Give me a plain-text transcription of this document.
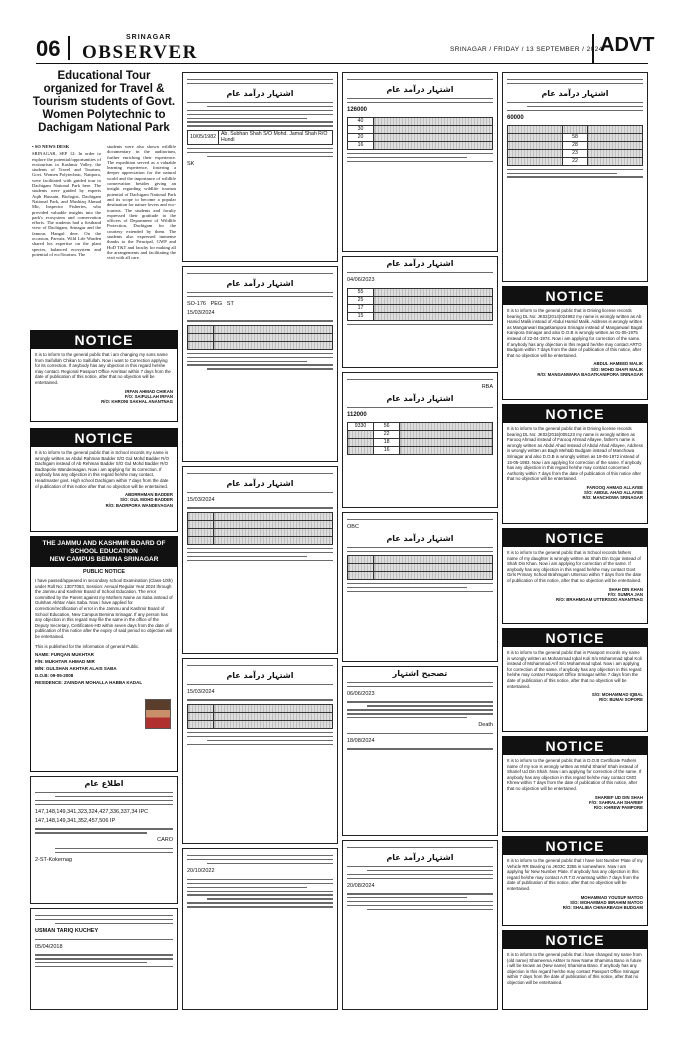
06	SRINAGAR
OBSERVER	SRINAGAR / FRIDAY / 13 SEPTEMBER / 2024
ADVT
Educational Tour organized for Travel & Tourism students of Govt. Women Polytechnic to Dachigam National Park
• SO NEWS DESK
SRINAGAR, SEP 12: In order to explore the potential/opportunities of ecotourism in Kashmir Valley, the students of Travel and Tourism, Govt. Women Polytechnic, Natipora, were facilitated with guided tour to Dachigam National Park here. The students were guided by experts Aqib Hussain, Biologist, Dachigam National Park, and Mushtaq Ahmad Mir, Inspector Fisheries, who provided valuable insights into the park's ecosystem and conservation efforts. The students had a firsthand view of Dachigam, Srinagar and the famous Hangul deer. On the occasion, Parvaiz, Wild Life Warden shared his expertise on the plant species, balanced ecosystem and potential of ecoTourism. The
students were also shown wildlife documentary in the auditorium, further enriching their experience. The expedition served as a valuable learning experience, fostering a deeper appreciation for the natural world and the importance of wildlife conservation besides giving an insight regarding wildlife tourism potential of Dachigam National Park and its scope to become a popular destination for nature lovers and eco-tourists. The students and faculty expressed their gratitude to the officers of Department of Wildlife Protection, Dachigam for the courtesy extended by them. The students also expressed immense thanks to the Principal, GWP and HoD T&T and faculty for making all the arrangements and facilitating the visit with all care.
NOTICE
It is to inform to the general public that i am changing my sons name from Saifullah Chikan to Saifullah. Now i want to Correction applying for its correction. If anybody has any objection in this regard he/she may contact. Regional Passport Office Amritsar within 7 days from the date of publication of this notice, after that no objection will be entertained.
IRFAN AHMAD CHIKAN
F/O: SAIFULLAH IRFAN
R/O: KHRONI SAKHAL ANANTNAG
NOTICE
It is to inform to the general public that in School records my name is wrongly written as Abdul Rahman Badder S/O Gul Mohd Badder R/O Dachigam instead of Ab Rehman Badder S/O Gul Mohd Badder R/O Badraporie Wanderwagan. Now i am applying for its correction. If anybody has any objection in this regard he/she may contact, Headmaster govt. High school Dachigam within 7 days from the date of publication of this notice after that no objection will be entertained.
ABDRRHMAN BADDER
S/O: GUL MOHD BADDER
R/O: BADRPORA WANDEVAGAN
THE JAMMU AND KASHMIR BOARD OF SCHOOL EDUCATION
NEW CAMPUS BEMINA SRINAGAR
PUBLIC NOTICE
I have passed/appeared in secondary school Examination (Class-10th) under Roll No: 13077063, Session: Annual Regular Year 2024 through the Jammu and Kashmir Board of School Education. The error committed by the Parent against my Mothers Name as Saba instead of Gulshan Akhtar Alais Saba. Now i have applied for correction/rectification of error in the Jammu and Kashmir Board of School Education, New Campus Bemina Srinagar. If any person has any objection in this regard may file the same in the office of the Deputy Secretary, Certificates-HD within seven days from the date of publication of this notice after the expiry of said period no objection will be entertained.
This is published for the information of general Public.
NAME: FURQAN MUKHTAR
F/N: MUKHTAR AHMAD MIR
M/N: GULSHAN AKHTAR ALAIS SABA
D.O.B: 09-05-2008
RESIDENCE: ZAINDAR MOHALLA HABBA KADAL
اطلاع عام
147,148,149,341,323,324,427,336,337,34 IPC
147,148,149,341,352,457,506 IP
CARO
2-ST-Kokernag
USMAN TARIQ KUCHEY
05/04/2018
اشتہار درآمد عام
10/05/1982	Ab. Subhan Shah S/O Mohd. Jamal Shah R/O Hundi
SK
اشتہار درآمد عام
SO-176 PEG ST
15/03/2024

اشتہار درآمد عام
15/03/2024

اشتہار درآمد عام
15/03/2024

20/10/2022
اشتہار درآمد عام
126000
40	
30	
20	
16	
اشتہار درآمد عام
04/06/2023
55	
25	
17	
15	
RBA
اشتہار درآمد عام
112000
9330	56	
	22	
	18	
	16	
OBC
اشتہار درآمد عام

تصحیح اشتہار
06/06/2023
Death
18/08/2024
اشتہار درآمد عام
20/08/2024
اشتہار درآمد عام
60000

	58	
	28	
	23	
	22	
NOTICE
It is to inform to the general public that in Driving license records bearing DL No: JK02(2014)024982 my name is wrongly written as Ab Hamid Malik instead of Abdul Hamid Malik. Address is wrongly written as Manganwari Bagatkanipora Srinagar instead of Manganwari Bagat Kanipora Srinagar and also D.O.B is wrongly written as 01-05-1975 instead of 22-04-1974. Now i am applying for correction of the same. If anybody has any objection in this regard he/she may contact ARTO Budgam within 7 days from the date of publication of this notice, after that no objection will be entertained.
ABDUL HAMEED MALIK
S/O: MOHD SHAFI MALIK
R/O: MANGANWARA BAGATKANIPORA SRINAGAR
NOTICE
It is to inform to the general public that in Driving license records bearing DL No: JK02(2016)005123 my name is wrongly written as Farooq Ahmad instead of Farooq Ahmad Allayee, father's name is wrongly written as Abdul Ahad instead of Abdul Ahad Allayee, Address is wrongly written as Bagh Mehtab Budgam instead of Manchowa Srinagar and also D.O.B is wrongly written as 19-06-1972 instead of 15-05-1983. Now i am applying for correction of the same. If anybody has any objection in this regard he/she may contact concerned Authority within 7 days from the date of publication of this notice after that no objection will be entertained.
FAROOQ AHMAD ALLAYEE
S/O: ABDUL AHAD ALLAYEE
R/O: MANCHOWA SRINAGAR
NOTICE
It is to inform to the general public that in School records fathers name of my daughter is wrongly written as Shah Din Gojar instead of Shah Din Khan. Now i am applying for correction of the same. If anybody has any objection in this regard he/she may contact Govt Girls Primary School Brahmgam Uttersoo within 7 days from the date of publication of this notice, after that no objection will be entertained.
SHAH DIN KHAN
F/O: SUMRA JAN
R/O: BRAHMGAM UTTERSOO ANANTNAG
NOTICE
It is to inform to the general public that in Passport records my name is wrongly written as Mohammad Iqbal Koli S/o Mohammad Iqbal Koli instead of Mohammad Arif S/o Mohammad Iqbal. Now i am applying for correction of the same. If anybody has any objection in this regard he/she may contact Passport Office Srinagar within 7 days from the date of publication of this notice, after that no objection will be entertained.
S/O: MOHAMMAD IQBAL
R/O: BUMAI SOPORE
NOTICE
It is to inform to the general public that in D.O.B Certificate Fathers name of my son is wrongly written as Mohd Sharief Shah instead of Sharief Ud Din Shah. Now i am applying for correction of the same. If anybody has any objection in this regard he/she may contact CMO Khrew within 7 days from the date of publication of this notice, after that no objection will be entertained.
SHARIEF UD DIN SHAH
F/O: SAHRALAH SHARIEF
R/O: KHREW PAMPORE
NOTICE
It is to inform to the general public that I have lost Number Plate of my Vehicle RR Bearing no JK03C 3356 in somewhere. Now I am applying for New Number Plate. If anybody has any objection in this regard he/she may contact A.R.T.O Anantnag within 7 days from the date of publication of this notice, after that no objection will be entertained.
MOHAMMAD YOUSUF MATOO
S/O: MOHAMMAD IBRAHIM MATOO
R/O: SHALIBA CHINARBAGH BUDGAM
NOTICE
It is to inform to the general public that i have changed my name from (old name) Shameema Akhter to New Name Shamima Bano in future i will be known as (New name) Shamima Bano. If anybody has any objection in this regard he/she may contact Passport Office Srinagar within 7 days from the date of publication of this notice, after that no objection will be entertained.
